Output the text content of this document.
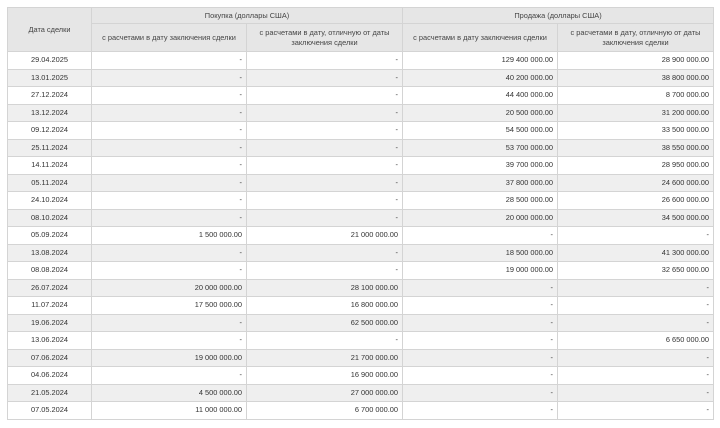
Дата сделки	Покупка (доллары США)		Продажа (доллары США)	
	с расчетами в дату заключения сделки	с расчетами в дату, отличную от даты заключения сделки	с расчетами в дату заключения сделки	с расчетами в дату, отличную от даты заключения сделки
29.04.2025	-	-	129 400 000.00	28 900 000.00
13.01.2025	-	-	40 200 000.00	38 800 000.00
27.12.2024	-	-	44 400 000.00	8 700 000.00
13.12.2024	-	-	20 500 000.00	31 200 000.00
09.12.2024	-	-	54 500 000.00	33 500 000.00
25.11.2024	-	-	53 700 000.00	38 550 000.00
14.11.2024	-	-	39 700 000.00	28 950 000.00
05.11.2024	-	-	37 800 000.00	24 600 000.00
24.10.2024	-	-	28 500 000.00	26 600 000.00
08.10.2024	-	-	20 000 000.00	34 500 000.00
05.09.2024	1 500 000.00	21 000 000.00	-	-
13.08.2024	-	-	18 500 000.00	41 300 000.00
08.08.2024	-	-	19 000 000.00	32 650 000.00
26.07.2024	20 000 000.00	28 100 000.00	-	-
11.07.2024	17 500 000.00	16 800 000.00	-	-
19.06.2024	-	62 500 000.00	-	-
13.06.2024	-	-	-	6 650 000.00
07.06.2024	19 000 000.00	21 700 000.00	-	-
04.06.2024	-	16 900 000.00	-	-
21.05.2024	4 500 000.00	27 000 000.00	-	-
07.05.2024	11 000 000.00	6 700 000.00	-	-
